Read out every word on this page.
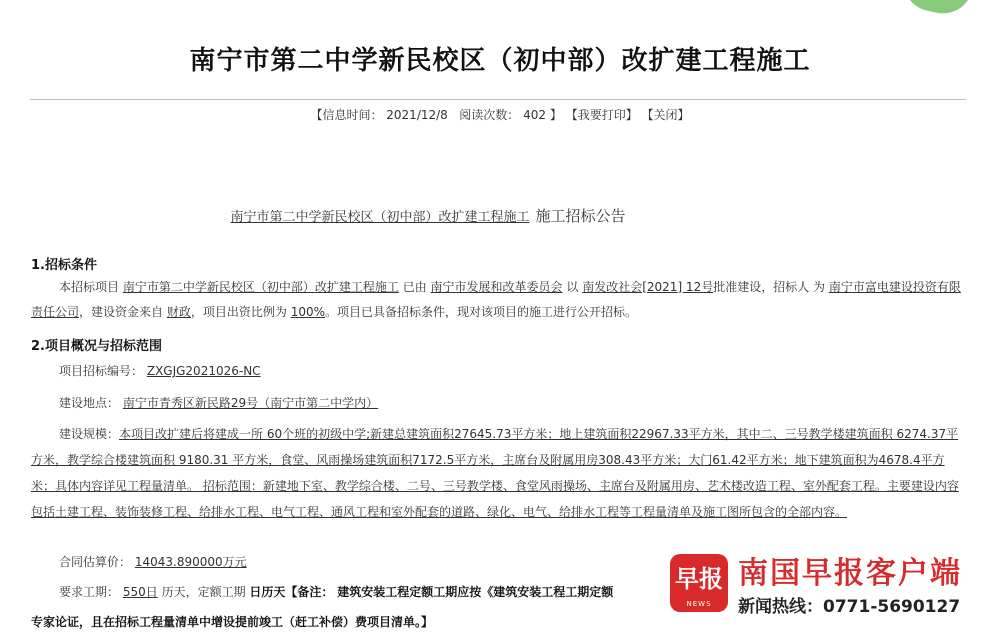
南宁市第二中学新民校区（初中部）改扩建工程施工
【信息时间： 2021/12/8 阅读次数： 402 】 【我要打印】 【关闭】
南宁市第二中学新民校区（初中部）改扩建工程施工 施工招标公告
1.招标条件
本招标项目 南宁市第二中学新民校区（初中部）改扩建工程施工 已由 南宁市发展和改革委员会 以 南发改社会[2021] 12号批准建设，招标人 为 南宁市富电建设投资有限责任公司，建设资金来自 财政，项目出资比例为 100%。项目已具备招标条件，现对该项目的施工进行公开招标。
2.项目概况与招标范围
项目招标编号： ZXGJG2021026-NC
建设地点： 南宁市青秀区新民路29号（南宁市第二中学内）
建设规模：本项目改扩建后将建成一所 60个班的初级中学;新建总建筑面积27645.73平方米；地上建筑面积22967.33平方米，其中二、三号教学楼建筑面积 6274.37平方米，教学综合楼建筑面积 9180.31 平方米，食堂、风雨操场建筑面积7172.5平方米，主席台及附属用房308.43平方米；大门61.42平方米；地下建筑面积为4678.4平方米；具体内容详见工程量清单。 招标范围：新建地下室、教学综合楼、二号、三号教学楼、食堂风雨操场、主席台及附属用房、艺术楼改造工程、室外配套工程。主要建设内容包括土建工程、装饰装修工程、给排水工程、电气工程、通风工程和室外配套的道路、绿化、电气、给排水工程等工程量清单及施工图所包含的全部内容。
合同估算价： 14043.890000万元
要求工期： 550日 历天，定额工期 日历天【备注： 建筑安装工程定额工期应按《建筑安装工程工期定额
专家论证，且在招标工程量清单中增设提前竣工（赶工补偿）费项目清单。】
早报
NEWS
南国早报客户端
新闻热线：0771-5690127
